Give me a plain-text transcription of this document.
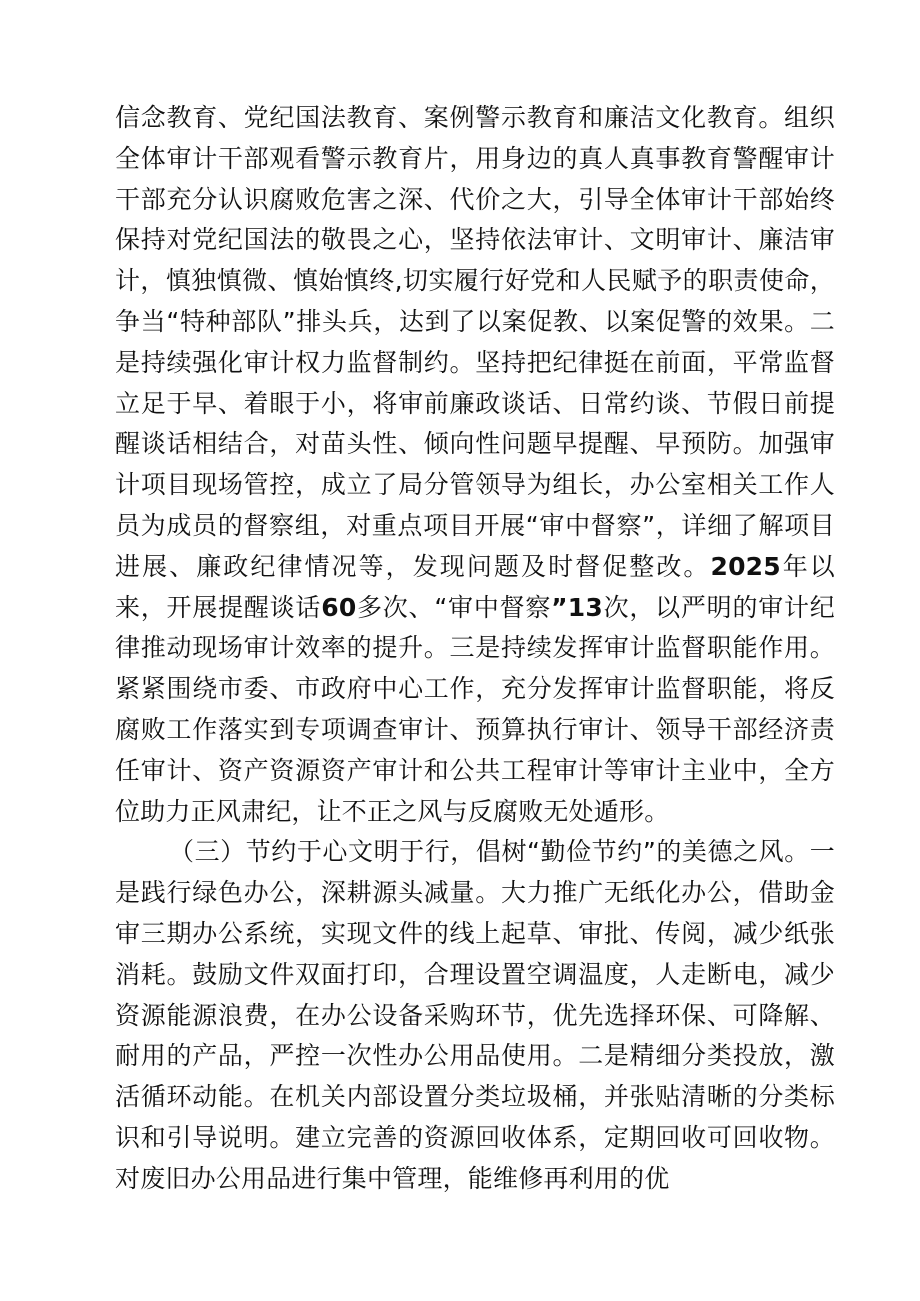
信念教育、党纪国法教育、案例警示教育和廉洁文化教育。组织全体审计干部观看警示教育片，用身边的真人真事教育警醒审计干部充分认识腐败危害之深、代价之大，引导全体审计干部始终保持对党纪国法的敬畏之心，坚持依法审计、文明审计、廉洁审计，慎独慎微、慎始慎终,切实履行好党和人民赋予的职责使命，争当“特种部队”排头兵，达到了以案促教、以案促警的效果。二是持续强化审计权力监督制约。坚持把纪律挺在前面，平常监督立足于早、着眼于小，将审前廉政谈话、日常约谈、节假日前提醒谈话相结合，对苗头性、倾向性问题早提醒、早预防。加强审计项目现场管控，成立了局分管领导为组长，办公室相关工作人员为成员的督察组，对重点项目开展“审中督察”，详细了解项目进展、廉政纪律情况等，发现问题及时督促整改。2025年以来，开展提醒谈话60多次、“审中督察”13次，以严明的审计纪律推动现场审计效率的提升。三是持续发挥审计监督职能作用。紧紧围绕市委、市政府中心工作，充分发挥审计监督职能，将反腐败工作落实到专项调查审计、预算执行审计、领导干部经济责任审计、资产资源资产审计和公共工程审计等审计主业中，全方位助力正风肃纪，让不正之风与反腐败无处遁形。

（三）节约于心文明于行，倡树“勤俭节约”的美德之风。一是践行绿色办公，深耕源头减量。大力推广无纸化办公，借助金审三期办公系统，实现文件的线上起草、审批、传阅，减少纸张消耗。鼓励文件双面打印，合理设置空调温度，人走断电，减少资源能源浪费，在办公设备采购环节，优先选择环保、可降解、耐用的产品，严控一次性办公用品使用。二是精细分类投放，激活循环动能。在机关内部设置分类垃圾桶，并张贴清晰的分类标识和引导说明。建立完善的资源回收体系，定期回收可回收物。对废旧办公用品进行集中管理，能维修再利用的优
